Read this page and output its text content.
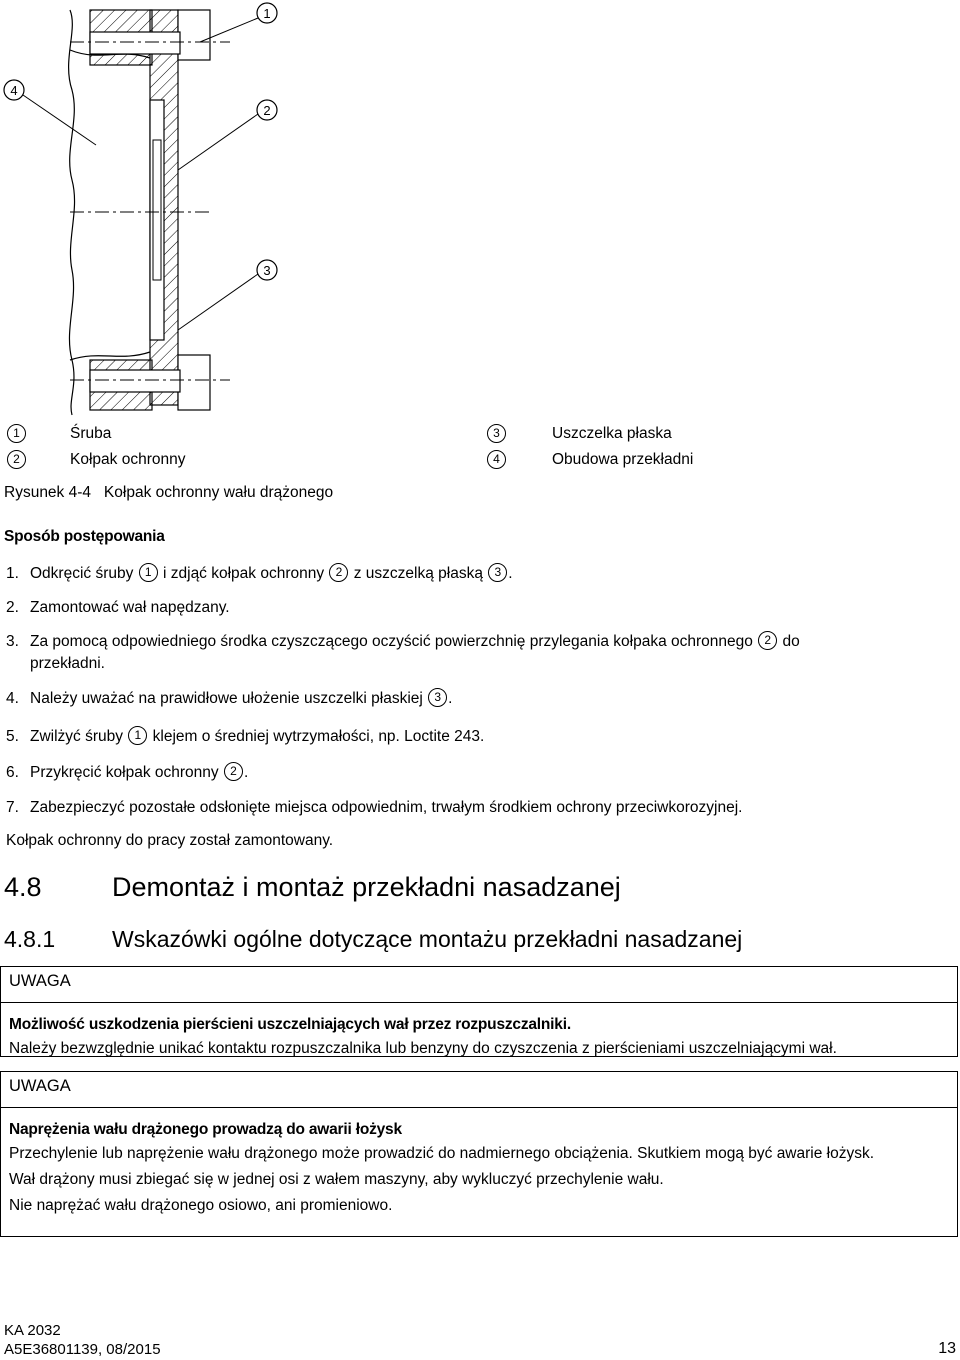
1
2
3
4
1	Śruba
2	Kołpak ochronny
3	Uszczelka płaska
4	Obudowa przekładni
Rysunek 4-4   Kołpak ochronny wału drążonego
Sposób postępowania
1. Odkręcić śruby 1 i zdjąć kołpak ochronny 2 z uszczelką płaską 3 .
2. Zamontować wał napędzany.
3. Za pomocą odpowiedniego środka czyszczącego oczyścić powierzchnię przylegania kołpaka ochronnego 2 do
przekładni.
4. Należy uważać na prawidłowe ułożenie uszczelki płaskiej 3 .
5. Zwilżyć śruby 1 klejem o średniej wytrzymałości, np. Loctite 243.
6. Przykręcić kołpak ochronny 2 .
7. Zabezpieczyć pozostałe odsłonięte miejsca odpowiednim, trwałym środkiem ochrony przeciwkorozyjnej.
Kołpak ochronny do pracy został zamontowany.
4.8	Demontaż i montaż przekładni nasadzanej
4.8.1 Wskazówki ogólne dotyczące montażu przekładni nasadzanej
UWAGA
Możliwość uszkodzenia pierścieni uszczelniających wał przez rozpuszczalniki.
Należy bezwzględnie unikać kontaktu rozpuszczalnika lub benzyny do czyszczenia z pierścieniami uszczelniającymi wał.
UWAGA
Naprężenia wału drążonego prowadzą do awarii łożysk
Przechylenie lub naprężenie wału drążonego może prowadzić do nadmiernego obciążenia. Skutkiem mogą być awarie łożysk.
Wał drążony musi zbiegać się w jednej osi z wałem maszyny, aby wykluczyć przechylenie wału.
Nie naprężać wału drążonego osiowo, ani promieniowo.
KA 2032
A5E36801139, 08/2015	13
